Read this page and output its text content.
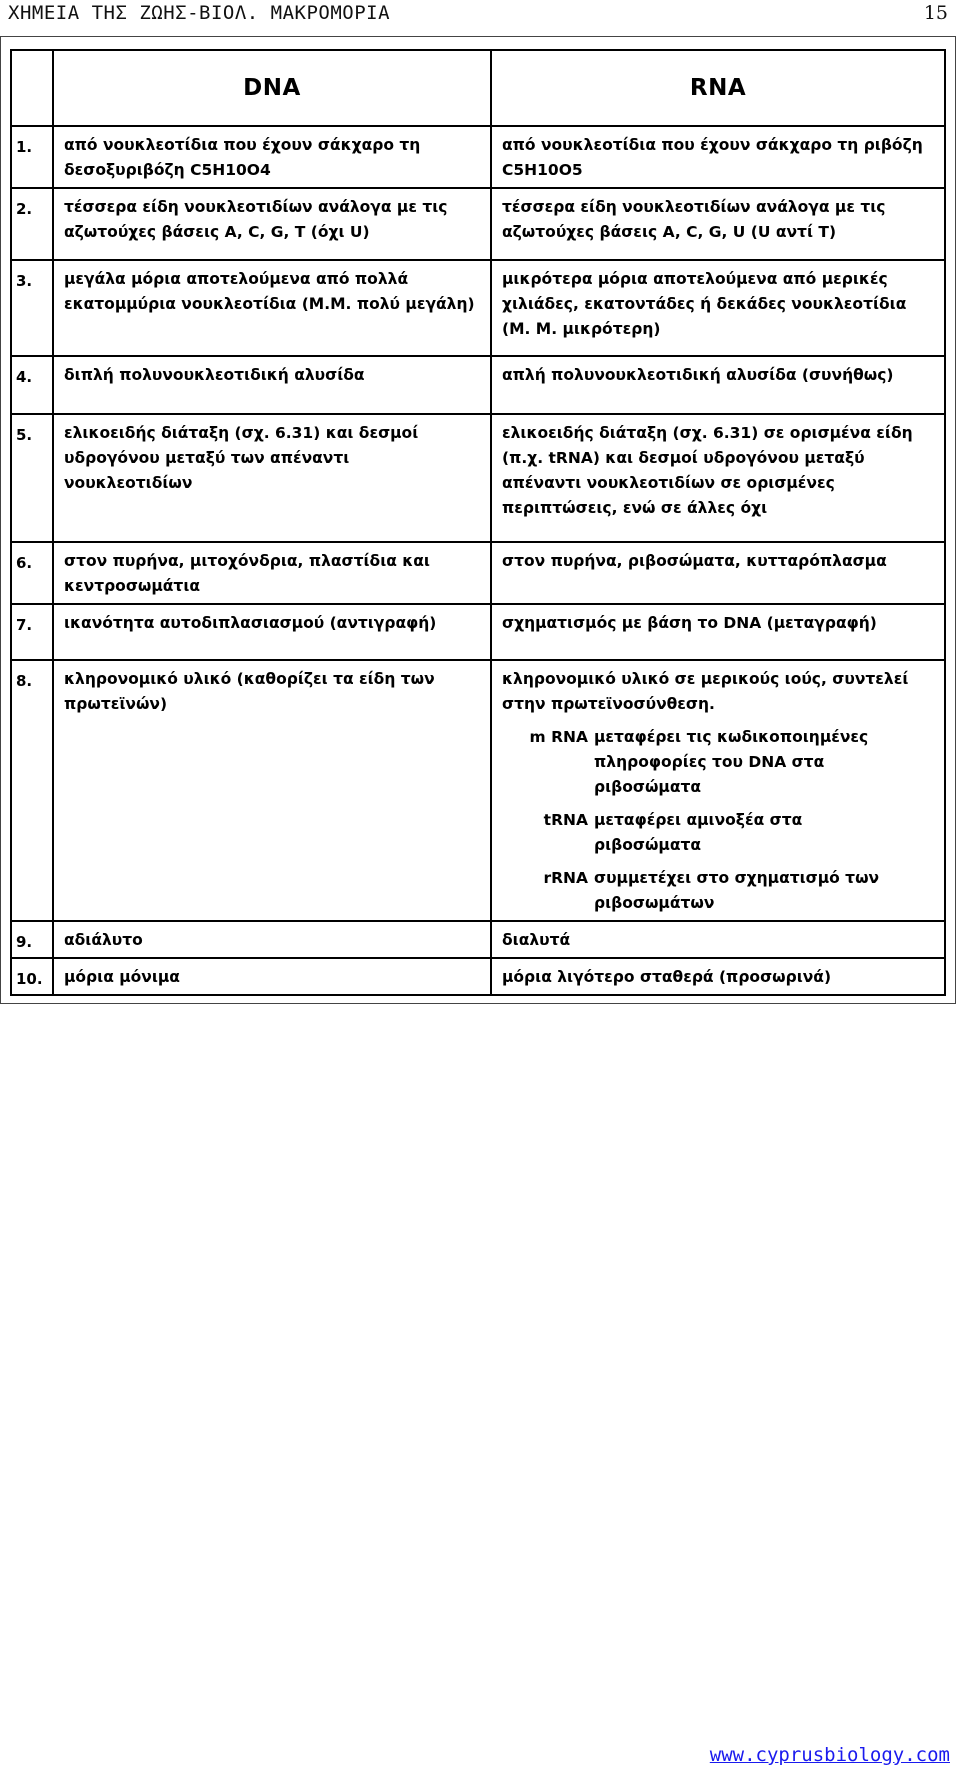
ΧΗΜΕΙΑ ΤΗΣ ΖΩΗΣ-ΒΙΟΛ. ΜΑΚΡΟΜΟΡΙΑ	15
	DNA	RNA
1.	από νουκλεοτίδια που έχουν σάκχαρο τη δεσοξυριβόζη C5H10O4	από νουκλεοτίδια που έχουν σάκχαρο τη ριβόζη C5H10O5
2.	τέσσερα είδη νουκλεοτιδίων ανάλογα με τις αζωτούχες βάσεις A, C, G, T (όχι U)	τέσσερα είδη νουκλεοτιδίων ανάλογα με τις αζωτούχες βάσεις A, C, G, U (U αντί T)
3.	μεγάλα μόρια αποτελούμενα από πολλά εκατομμύρια νουκλεοτίδια (Μ.Μ. πολύ μεγάλη)	μικρότερα μόρια αποτελούμενα από μερικές χιλιάδες, εκατοντάδες ή δεκάδες νουκλεοτίδια (Μ. Μ. μικρότερη)
4.	διπλή πολυνουκλεοτιδική αλυσίδα	απλή πολυνουκλεοτιδική αλυσίδα (συνήθως)
5.	ελικοειδής διάταξη (σχ. 6.31) και δεσμοί υδρογόνου μεταξύ των απέναντι νουκλεοτιδίων	ελικοειδής διάταξη (σχ. 6.31) σε ορισμένα είδη (π.χ. tRNA) και δεσμοί υδρογόνου μεταξύ απέναντι νουκλεοτιδίων σε ορισμένες περιπτώσεις, ενώ σε άλλες όχι
6.	στον πυρήνα, μιτοχόνδρια, πλαστίδια και κεντροσωμάτια	στον πυρήνα, ριβοσώματα, κυτταρόπλασμα
7.	ικανότητα αυτοδιπλασιασμού (αντιγραφή)	σχηματισμός με βάση το DNA (μεταγραφή)
8.	κληρονομικό υλικό (καθορίζει τα είδη των πρωτεϊνών)	κληρονομικό υλικό σε μερικούς ιούς, συντελεί στην πρωτεϊνοσύνθεση.
m RNA μεταφέρει τις κωδικοποιημένες πληροφορίες του DNA στα ριβοσώματα
tRNA μεταφέρει αμινοξέα στα ριβοσώματα
rRNA συμμετέχει στο σχηματισμό των ριβοσωμάτων

9.	αδιάλυτο	διαλυτά
10.	μόρια μόνιμα	μόρια λιγότερο σταθερά (προσωρινά)
www.cyprusbiology.com
